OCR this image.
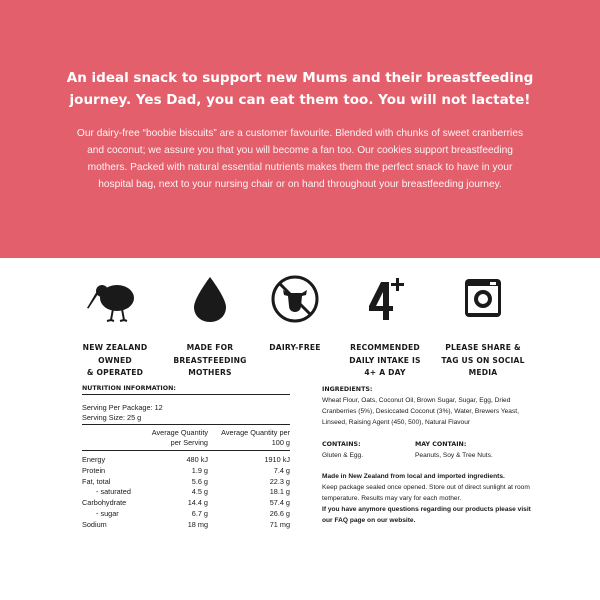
An ideal snack to support new Mums and their breastfeeding journey. Yes Dad, you can eat them too. You will not lactate!

Our dairy-free “boobie biscuits” are a customer favourite. Blended with chunks of sweet cranberries and coconut; we assure you that you will become a fan too. Our cookies support breastfeeding mothers. Packed with natural essential nutrients makes them the perfect snack to have in your hospital bag, next to your nursing chair or on hand throughout your breastfeeding journey.

NEW ZEALAND
OWNED
& OPERATED
MADE FOR
BREASTFEEDING
MOTHERS
DAIRY-FREE	RECOMMENDED
DAILY INTAKE IS
4+ A DAY
PLEASE SHARE &
TAG US ON SOCIAL
MEDIA
NUTRITION INFORMATION:
Serving Per Package: 12
Serving Size: 25 g
	Average Quantity per Serving	Average Quantity per 100 g
Energy	480 kJ	1910 kJ
Protein	1.9 g	7.4 g
Fat, total	5.6 g	22.3 g
- saturated	4.5 g	18.1 g
Carbohydrate	14.4 g	57.4 g
- sugar	6.7 g	26.6 g
Sodium	18 mg	71 mg
INGREDIENTS:
Wheat Flour, Oats, Coconut Oil, Brown Sugar, Sugar, Egg, Dried Cranberries (5%), Desiccated Coconut (3%), Water, Brewers Yeast, Linseed, Raising Agent (450, 500), Natural Flavour
CONTAINS:
Gluten & Egg.
MAY CONTAIN:
Peanuts, Soy & Tree Nuts.
Made in New Zealand from local and imported ingredients.
Keep package sealed once opened. Store out of direct sunlight at room temperature. Results may vary for each mother.
If you have anymore questions regarding our products please visit our FAQ page on our website.
